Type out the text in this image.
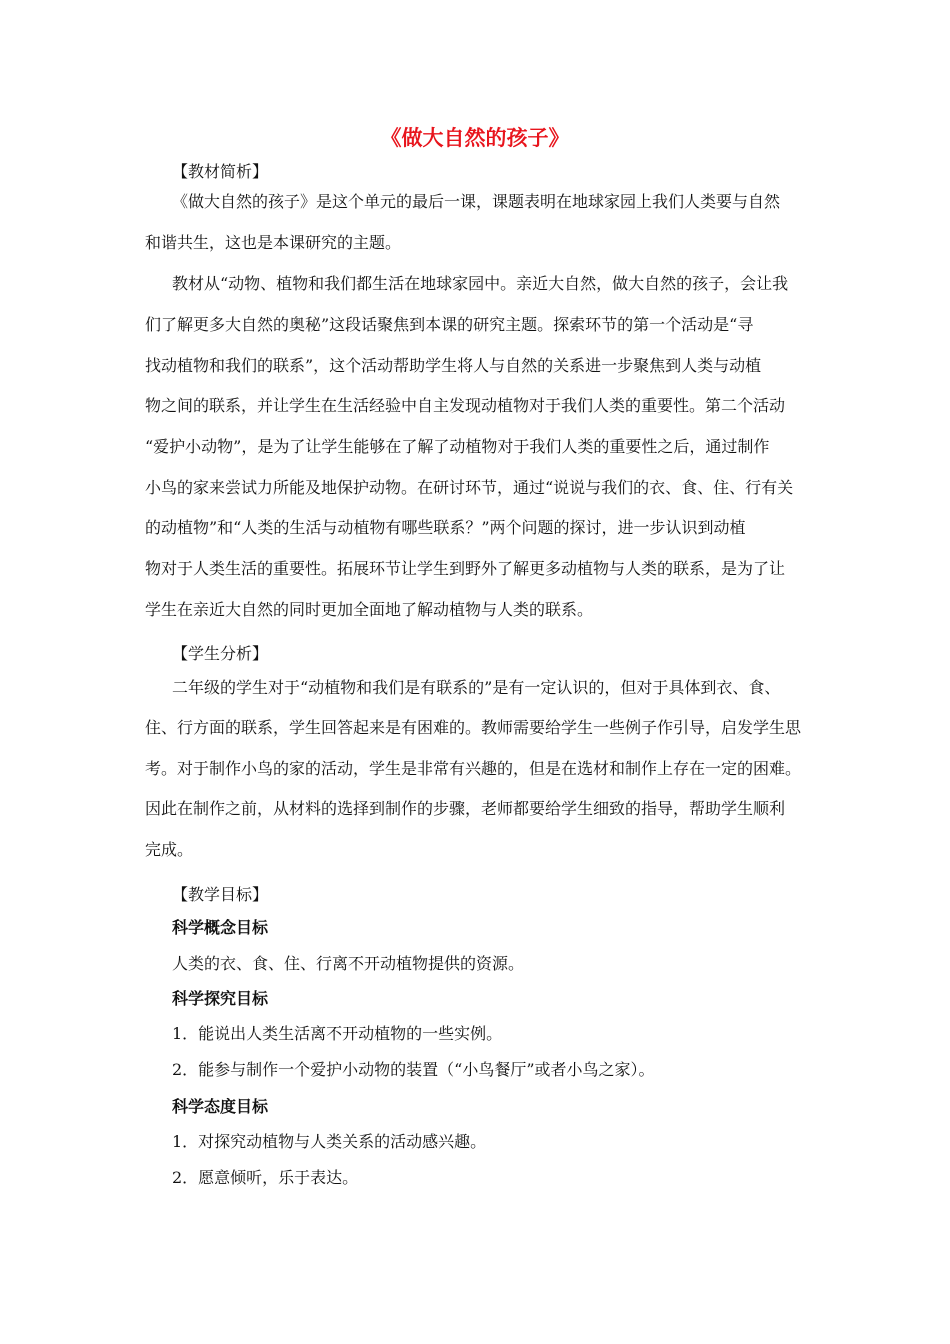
《做大自然的孩子》

【教材简析】

《做大自然的孩子》是这个单元的最后一课，课题表明在地球家园上我们人类要与自然

和谐共生，这也是本课研究的主题。

教材从“动物、植物和我们都生活在地球家园中。亲近大自然，做大自然的孩子，会让我

们了解更多大自然的奥秘”这段话聚焦到本课的研究主题。探索环节的第一个活动是“寻

找动植物和我们的联系”，这个活动帮助学生将人与自然的关系进一步聚焦到人类与动植

物之间的联系，并让学生在生活经验中自主发现动植物对于我们人类的重要性。第二个活动

“爱护小动物”，是为了让学生能够在了解了动植物对于我们人类的重要性之后，通过制作

小鸟的家来尝试力所能及地保护动物。在研讨环节，通过“说说与我们的衣、食、住、行有关

的动植物”和“人类的生活与动植物有哪些联系？”两个问题的探讨，进一步认识到动植

物对于人类生活的重要性。拓展环节让学生到野外了解更多动植物与人类的联系，是为了让

学生在亲近大自然的同时更加全面地了解动植物与人类的联系。

【学生分析】

二年级的学生对于“动植物和我们是有联系的”是有一定认识的，但对于具体到衣、食、

住、行方面的联系，学生回答起来是有困难的。教师需要给学生一些例子作引导，启发学生思

考。对于制作小鸟的家的活动，学生是非常有兴趣的，但是在选材和制作上存在一定的困难。

因此在制作之前，从材料的选择到制作的步骤，老师都要给学生细致的指导，帮助学生顺利

完成。

【教学目标】

科学概念目标

人类的衣、食、住、行离不开动植物提供的资源。

科学探究目标

1．能说出人类生活离不开动植物的一些实例。

2．能参与制作一个爱护小动物的装置（“小鸟餐厅”或者小鸟之家）。

科学态度目标

1．对探究动植物与人类关系的活动感兴趣。

2．愿意倾听，乐于表达。
